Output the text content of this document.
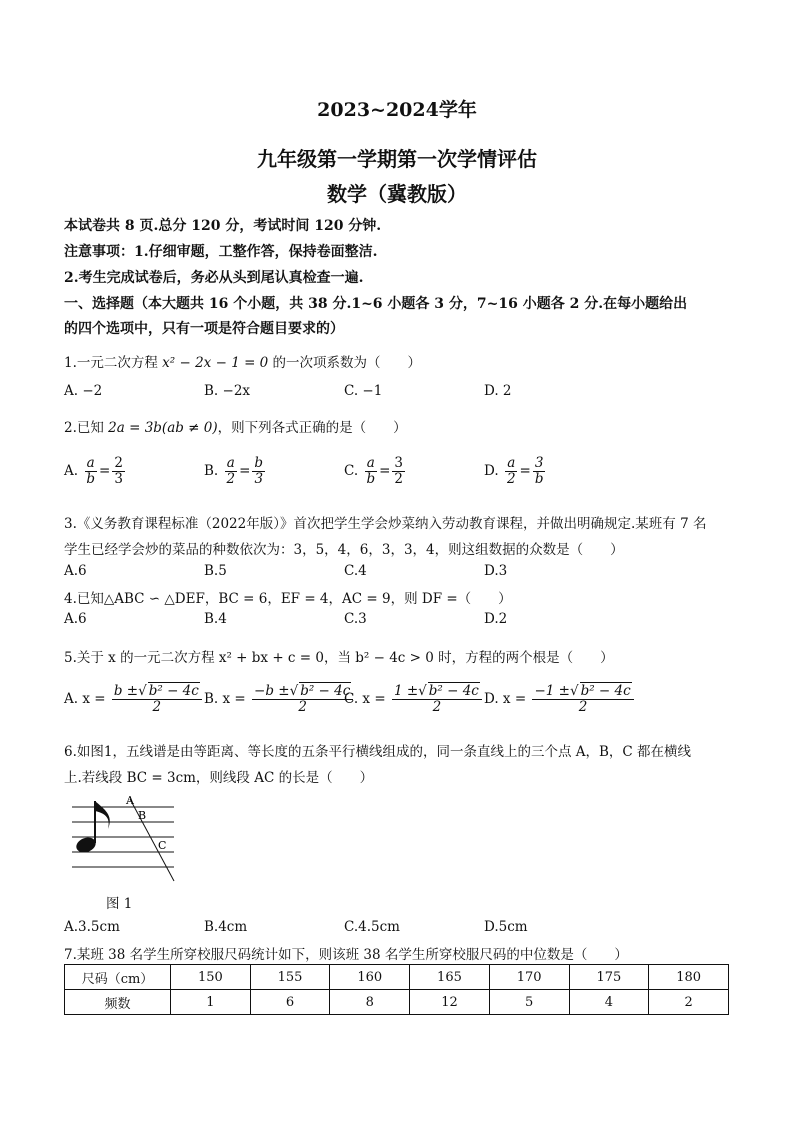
2023~2024学年
九年级第一学期第一次学情评估
数学（冀教版）
本试卷共 8 页.总分 120 分，考试时间 120 分钟.
注意事项：1.仔细审题，工整作答，保持卷面整洁.
2.考生完成试卷后，务必从头到尾认真检查一遍.
一、选择题（本大题共 16 个小题，共 38 分.1~6 小题各 3 分，7~16 小题各 2 分.在每小题给出
的四个选项中，只有一项是符合题目要求的）
1.一元二次方程 x² − 2x − 1 = 0 的一次项系数为（　　）
A. −2	B. −2x	C. −1	D. 2
2.已知 2a = 3b(ab ≠ 0)，则下列各式正确的是（　　）
A. $\frac{a}{b} = \frac{2}{3}$	B. $\frac{a}{2} = \frac{b}{3}$	C. $\frac{a}{b} = \frac{3}{2}$	D. $\frac{a}{2} = \frac{3}{b}$
3.《义务教育课程标准（2022年版）》首次把学生学会炒菜纳入劳动教育课程，并做出明确规定.某班有 7 名
学生已经学会炒的菜品的种数依次为：3，5，4，6，3，3，4，则这组数据的众数是（　　）
A.6	B.5	C.4	D.3
4.已知△ABC ∽ △DEF，BC = 6，EF = 4，AC = 9，则 DF =（　　）
A.6	B.4	C.3	D.2
5.关于 x 的一元二次方程 x² + bx + c = 0，当 b² − 4c > 0 时，方程的两个根是（　　）
A. $x = \frac{\text{b ±√ b² − 4c}}{2} B$. $x = \frac{\text{−b ±√ b² − 4c}}{2}$
C. $x = \frac{\text{1 ±√ b² − 4c}}{2} D$. $x = \frac{\text{−1 ±√ b² − 4c}}{2}$
6.如图1，五线谱是由等距离、等长度的五条平行横线组成的，同一条直线上的三个点 A，B，C 都在横线
上.若线段 BC = 3cm，则线段 AC 的长是（　　）
A
B
C
图 1
A.3.5cm	B.4cm	C.4.5cm	D.5cm
7.某班 38 名学生所穿校服尺码统计如下，则该班 38 名学生所穿校服尺码的中位数是（　　）
尺码（cm）	150	155	160	165	170	175	180
频数	1	6	8	12	5	4	2
